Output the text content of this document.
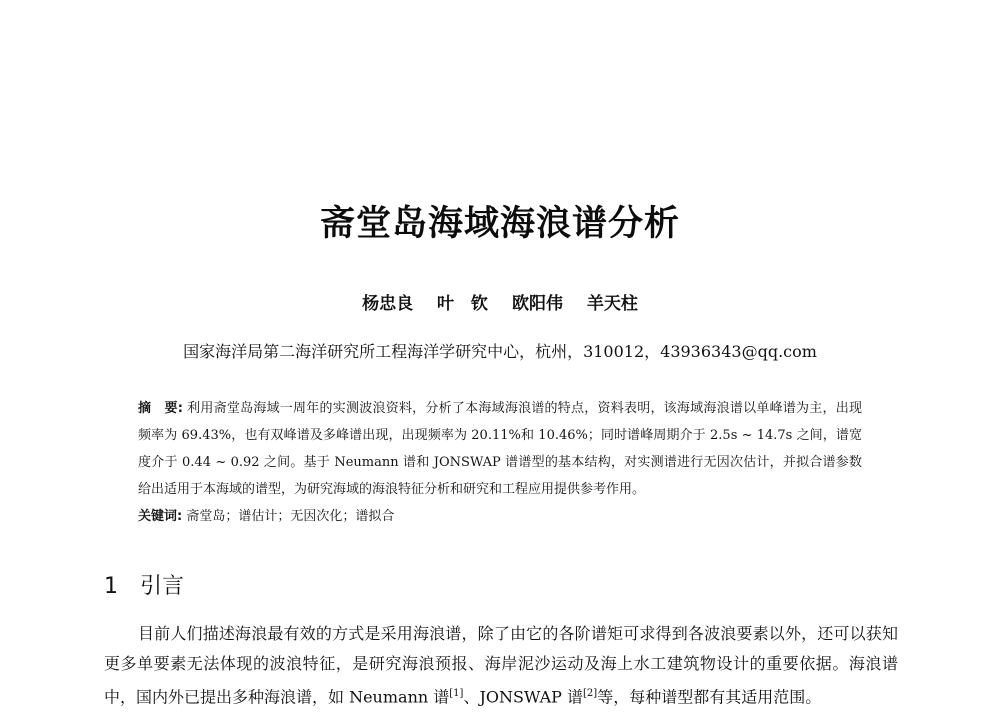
斋堂岛海域海浪谱分析
杨忠良 叶　钦 欧阳伟 羊天柱
国家海洋局第二海洋研究所工程海洋学研究中心，杭州，310012，43936343@qq.com
摘　要: 利用斋堂岛海域一周年的实测波浪资料，分析了本海域海浪谱的特点，资料表明，该海域海浪谱以单峰谱为主，出现频率为 69.43%，也有双峰谱及多峰谱出现，出现频率为 20.11%和 10.46%；同时谱峰周期介于 2.5s ~ 14.7s 之间，谱宽度介于 0.44 ~ 0.92 之间。基于 Neumann 谱和 JONSWAP 谱谱型的基本结构，对实测谱进行无因次估计，并拟合谱参数给出适用于本海域的谱型，为研究海域的海浪特征分析和研究和工程应用提供参考作用。
关键词: 斋堂岛；谱估计；无因次化；谱拟合
1 引言
目前人们描述海浪最有效的方式是采用海浪谱，除了由它的各阶谱矩可求得到各波浪要素以外，还可以获知更多单要素无法体现的波浪特征，是研究海浪预报、海岸泥沙运动及海上水工建筑物设计的重要依据。海浪谱中，国内外已提出多种海浪谱，如 Neumann 谱[1]、JONSWAP 谱[2]等，每种谱型都有其适用范围。
